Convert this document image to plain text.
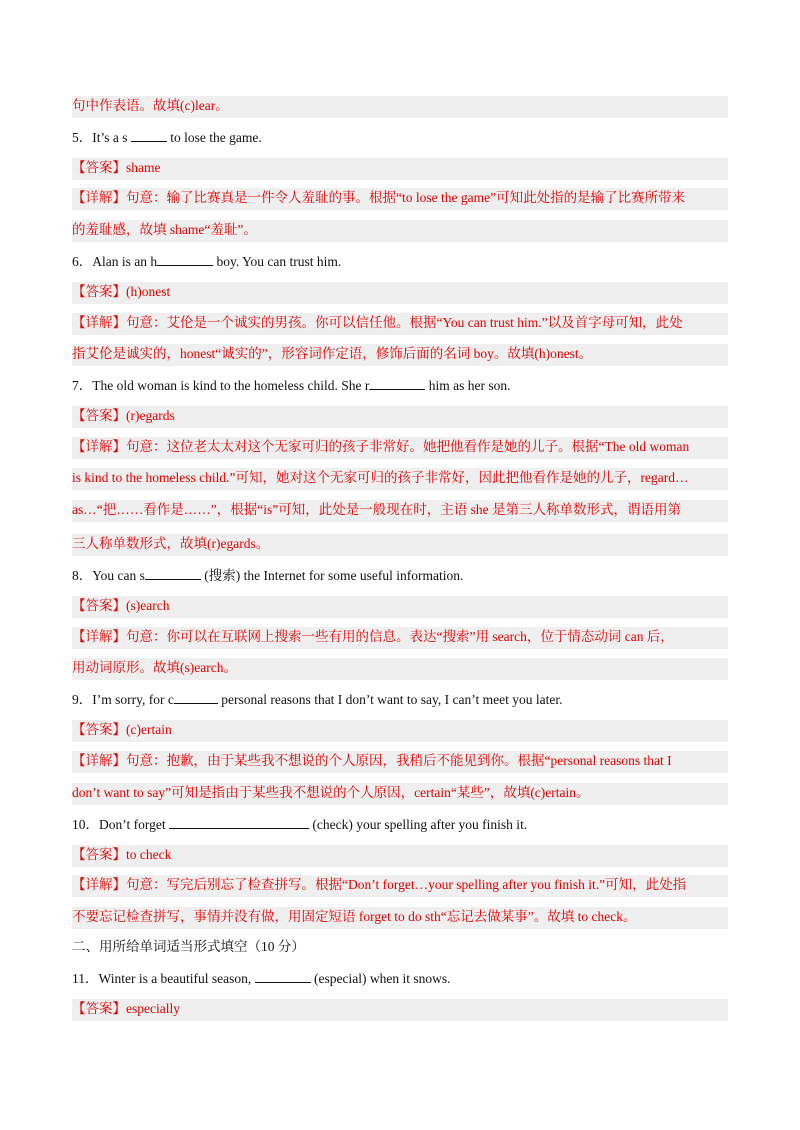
句中作表语。故填(c)lear。
5．It’s a s	to lose the game.
【答案】shame
【详解】句意：输了比赛真是一件令人羞耻的事。根据“to lose the game”可知此处指的是输了比赛所带来
的羞耻感，故填 shame“羞耻”。
6．Alan is an h	boy. You can trust him.
【答案】(h)onest
【详解】句意：艾伦是一个诚实的男孩。你可以信任他。根据“You can trust him.”以及首字母可知，此处
指艾伦是诚实的，honest“诚实的”，形容词作定语，修饰后面的名词 boy。故填(h)onest。
7．The old woman is kind to the homeless child. She r	him as her son.
【答案】(r)egards
【详解】句意：这位老太太对这个无家可归的孩子非常好。她把他看作是她的儿子。根据“The old woman
is kind to the homeless child.”可知，她对这个无家可归的孩子非常好，因此把他看作是她的儿子，regard…
as…“把……看作是……”，根据“is”可知，此处是一般现在时，主语 she 是第三人称单数形式，谓语用第
三人称单数形式，故填(r)egards。
8．You can s	(搜索) the Internet for some useful information.
【答案】(s)earch
【详解】句意：你可以在互联网上搜索一些有用的信息。表达“搜索”用 search，位于情态动词 can 后，
用动词原形。故填(s)earch。
9．I’m sorry, for c	personal reasons that I don’t want to say, I can’t meet you later.
【答案】(c)ertain
【详解】句意：抱歉，由于某些我不想说的个人原因，我稍后不能见到你。根据“personal reasons that I
don’t want to say”可知是指由于某些我不想说的个人原因，certain“某些”，故填(c)ertain。
10．Don’t forget	(check) your spelling after you finish it.
【答案】to check
【详解】句意：写完后别忘了检查拼写。根据“Don’t forget…your spelling after you finish it.”可知，此处指
不要忘记检查拼写，事情并没有做，用固定短语 forget to do sth“忘记去做某事”。故填 to check。
二、用所给单词适当形式填空（10 分）
11．Winter is a beautiful season,	(especial) when it snows.
【答案】especially
